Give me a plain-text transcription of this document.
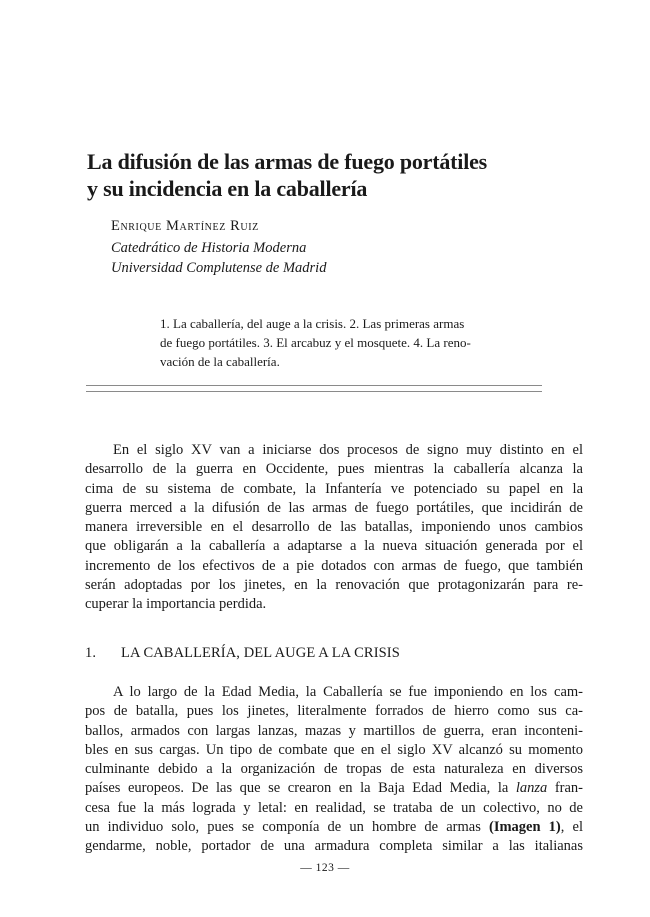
La difusión de las armas de fuego portátiles
y su incidencia en la caballería
Enrique Martínez Ruiz
Catedrático de Historia Moderna
Universidad Complutense de Madrid
1. La caballería, del auge a la crisis. 2. Las primeras armas
de fuego portátiles. 3. El arcabuz y el mosquete. 4. La reno-
vación de la caballería.
En el siglo XV van a iniciarse dos procesos de signo muy distinto en el
desarrollo de la guerra en Occidente, pues mientras la caballería alcanza la
cima de su sistema de combate, la Infantería ve potenciado su papel en la
guerra merced a la difusión de las armas de fuego portátiles, que incidirán de
manera irreversible en el desarrollo de las batallas, imponiendo unos cambios
que obligarán a la caballería a adaptarse a la nueva situación generada por el
incremento de los efectivos de a pie dotados con armas de fuego, que también
serán adoptadas por los jinetes, en la renovación que protagonizarán para re-
cuperar la importancia perdida.
1. LA CABALLERÍA, DEL AUGE A LA CRISIS
A lo largo de la Edad Media, la Caballería se fue imponiendo en los cam-
pos de batalla, pues los jinetes, literalmente forrados de hierro como sus ca-
ballos, armados con largas lanzas, mazas y martillos de guerra, eran inconteni-
bles en sus cargas. Un tipo de combate que en el siglo XV alcanzó su momento
culminante debido a la organización de tropas de esta naturaleza en diversos
países europeos. De las que se crearon en la Baja Edad Media, la lanza fran-
cesa fue la más lograda y letal: en realidad, se trataba de un colectivo, no de
un individuo solo, pues se componía de un hombre de armas (Imagen 1), el
gendarme, noble, portador de una armadura completa similar a las italianas
— 123 —
